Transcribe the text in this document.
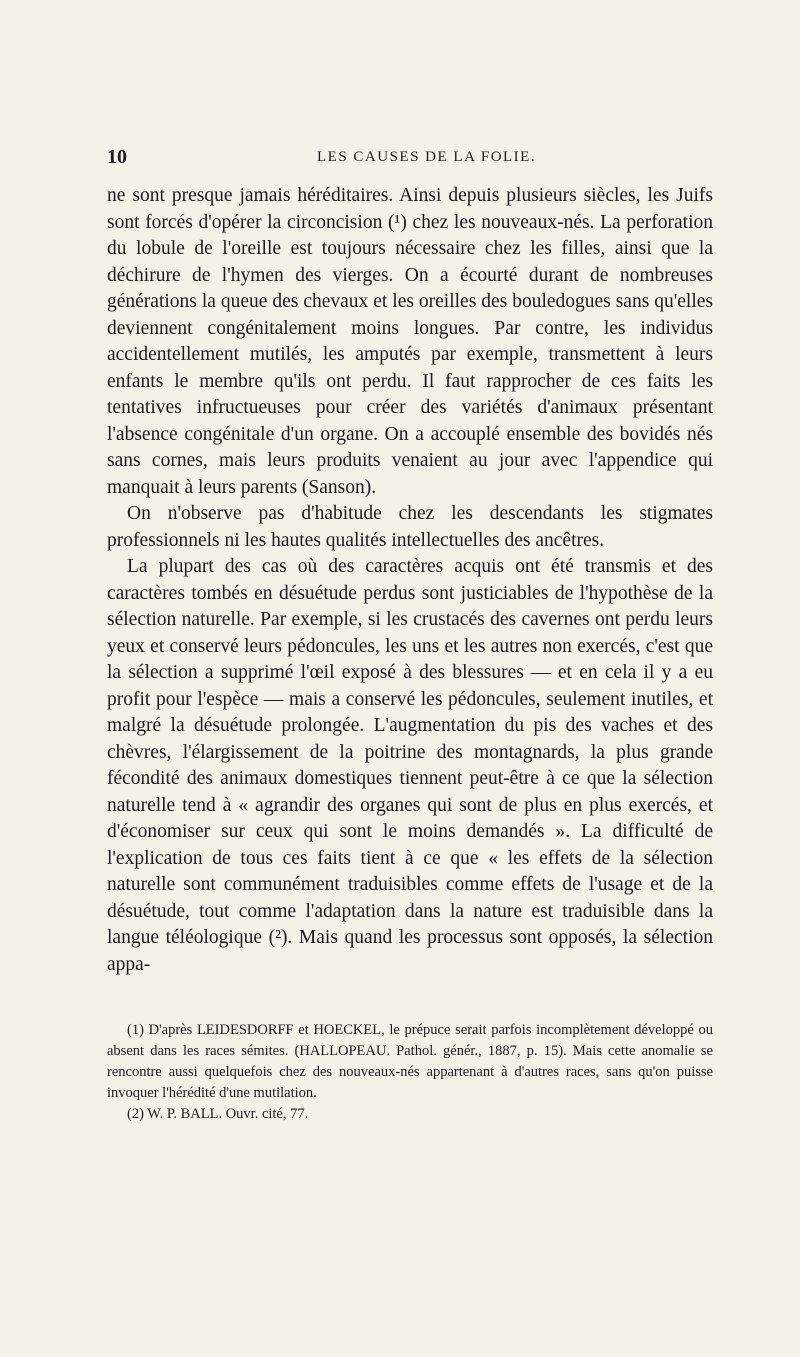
10	LES CAUSES DE LA FOLIE.

ne sont presque jamais héréditaires. Ainsi depuis plusieurs siècles, les Juifs sont forcés d'opérer la circoncision (¹) chez les nouveaux-nés. La perforation du lobule de l'oreille est toujours nécessaire chez les filles, ainsi que la déchirure de l'hymen des vierges. On a écourté durant de nombreuses générations la queue des chevaux et les oreilles des bouledogues sans qu'elles deviennent congénitalement moins longues. Par contre, les individus accidentellement mutilés, les amputés par exemple, transmettent à leurs enfants le membre qu'ils ont perdu. Il faut rapprocher de ces faits les tentatives infructueuses pour créer des variétés d'animaux présentant l'absence congénitale d'un organe. On a accouplé ensemble des bovidés nés sans cornes, mais leurs produits venaient au jour avec l'appendice qui manquait à leurs parents (Sanson).

On n'observe pas d'habitude chez les descendants les stigmates professionnels ni les hautes qualités intellectuelles des ancêtres.

La plupart des cas où des caractères acquis ont été transmis et des caractères tombés en désuétude perdus sont justiciables de l'hypothèse de la sélection naturelle. Par exemple, si les crustacés des cavernes ont perdu leurs yeux et conservé leurs pédoncules, les uns et les autres non exercés, c'est que la sélection a supprimé l'œil exposé à des blessures — et en cela il y a eu profit pour l'espèce — mais a conservé les pédoncules, seulement inutiles, et malgré la désuétude prolongée. L'augmentation du pis des vaches et des chèvres, l'élargissement de la poitrine des montagnards, la plus grande fécondité des animaux domestiques tiennent peut-être à ce que la sélection naturelle tend à « agrandir des organes qui sont de plus en plus exercés, et d'économiser sur ceux qui sont le moins demandés ». La difficulté de l'explication de tous ces faits tient à ce que « les effets de la sélection naturelle sont communément traduisibles comme effets de l'usage et de la désuétude, tout comme l'adaptation dans la nature est traduisible dans la langue téléologique (²). Mais quand les processus sont opposés, la sélection appa-

(1) D'après LEIDESDORFF et HOECKEL, le prépuce serait parfois incomplètement développé ou absent dans les races sémites. (HALLOPEAU. Pathol. génér., 1887, p. 15). Mais cette anomalie se rencontre aussi quelquefois chez des nouveaux-nés appartenant à d'autres races, sans qu'on puisse invoquer l'hérédité d'une mutilation.

(2) W. P. BALL. Ouvr. cité, 77.
